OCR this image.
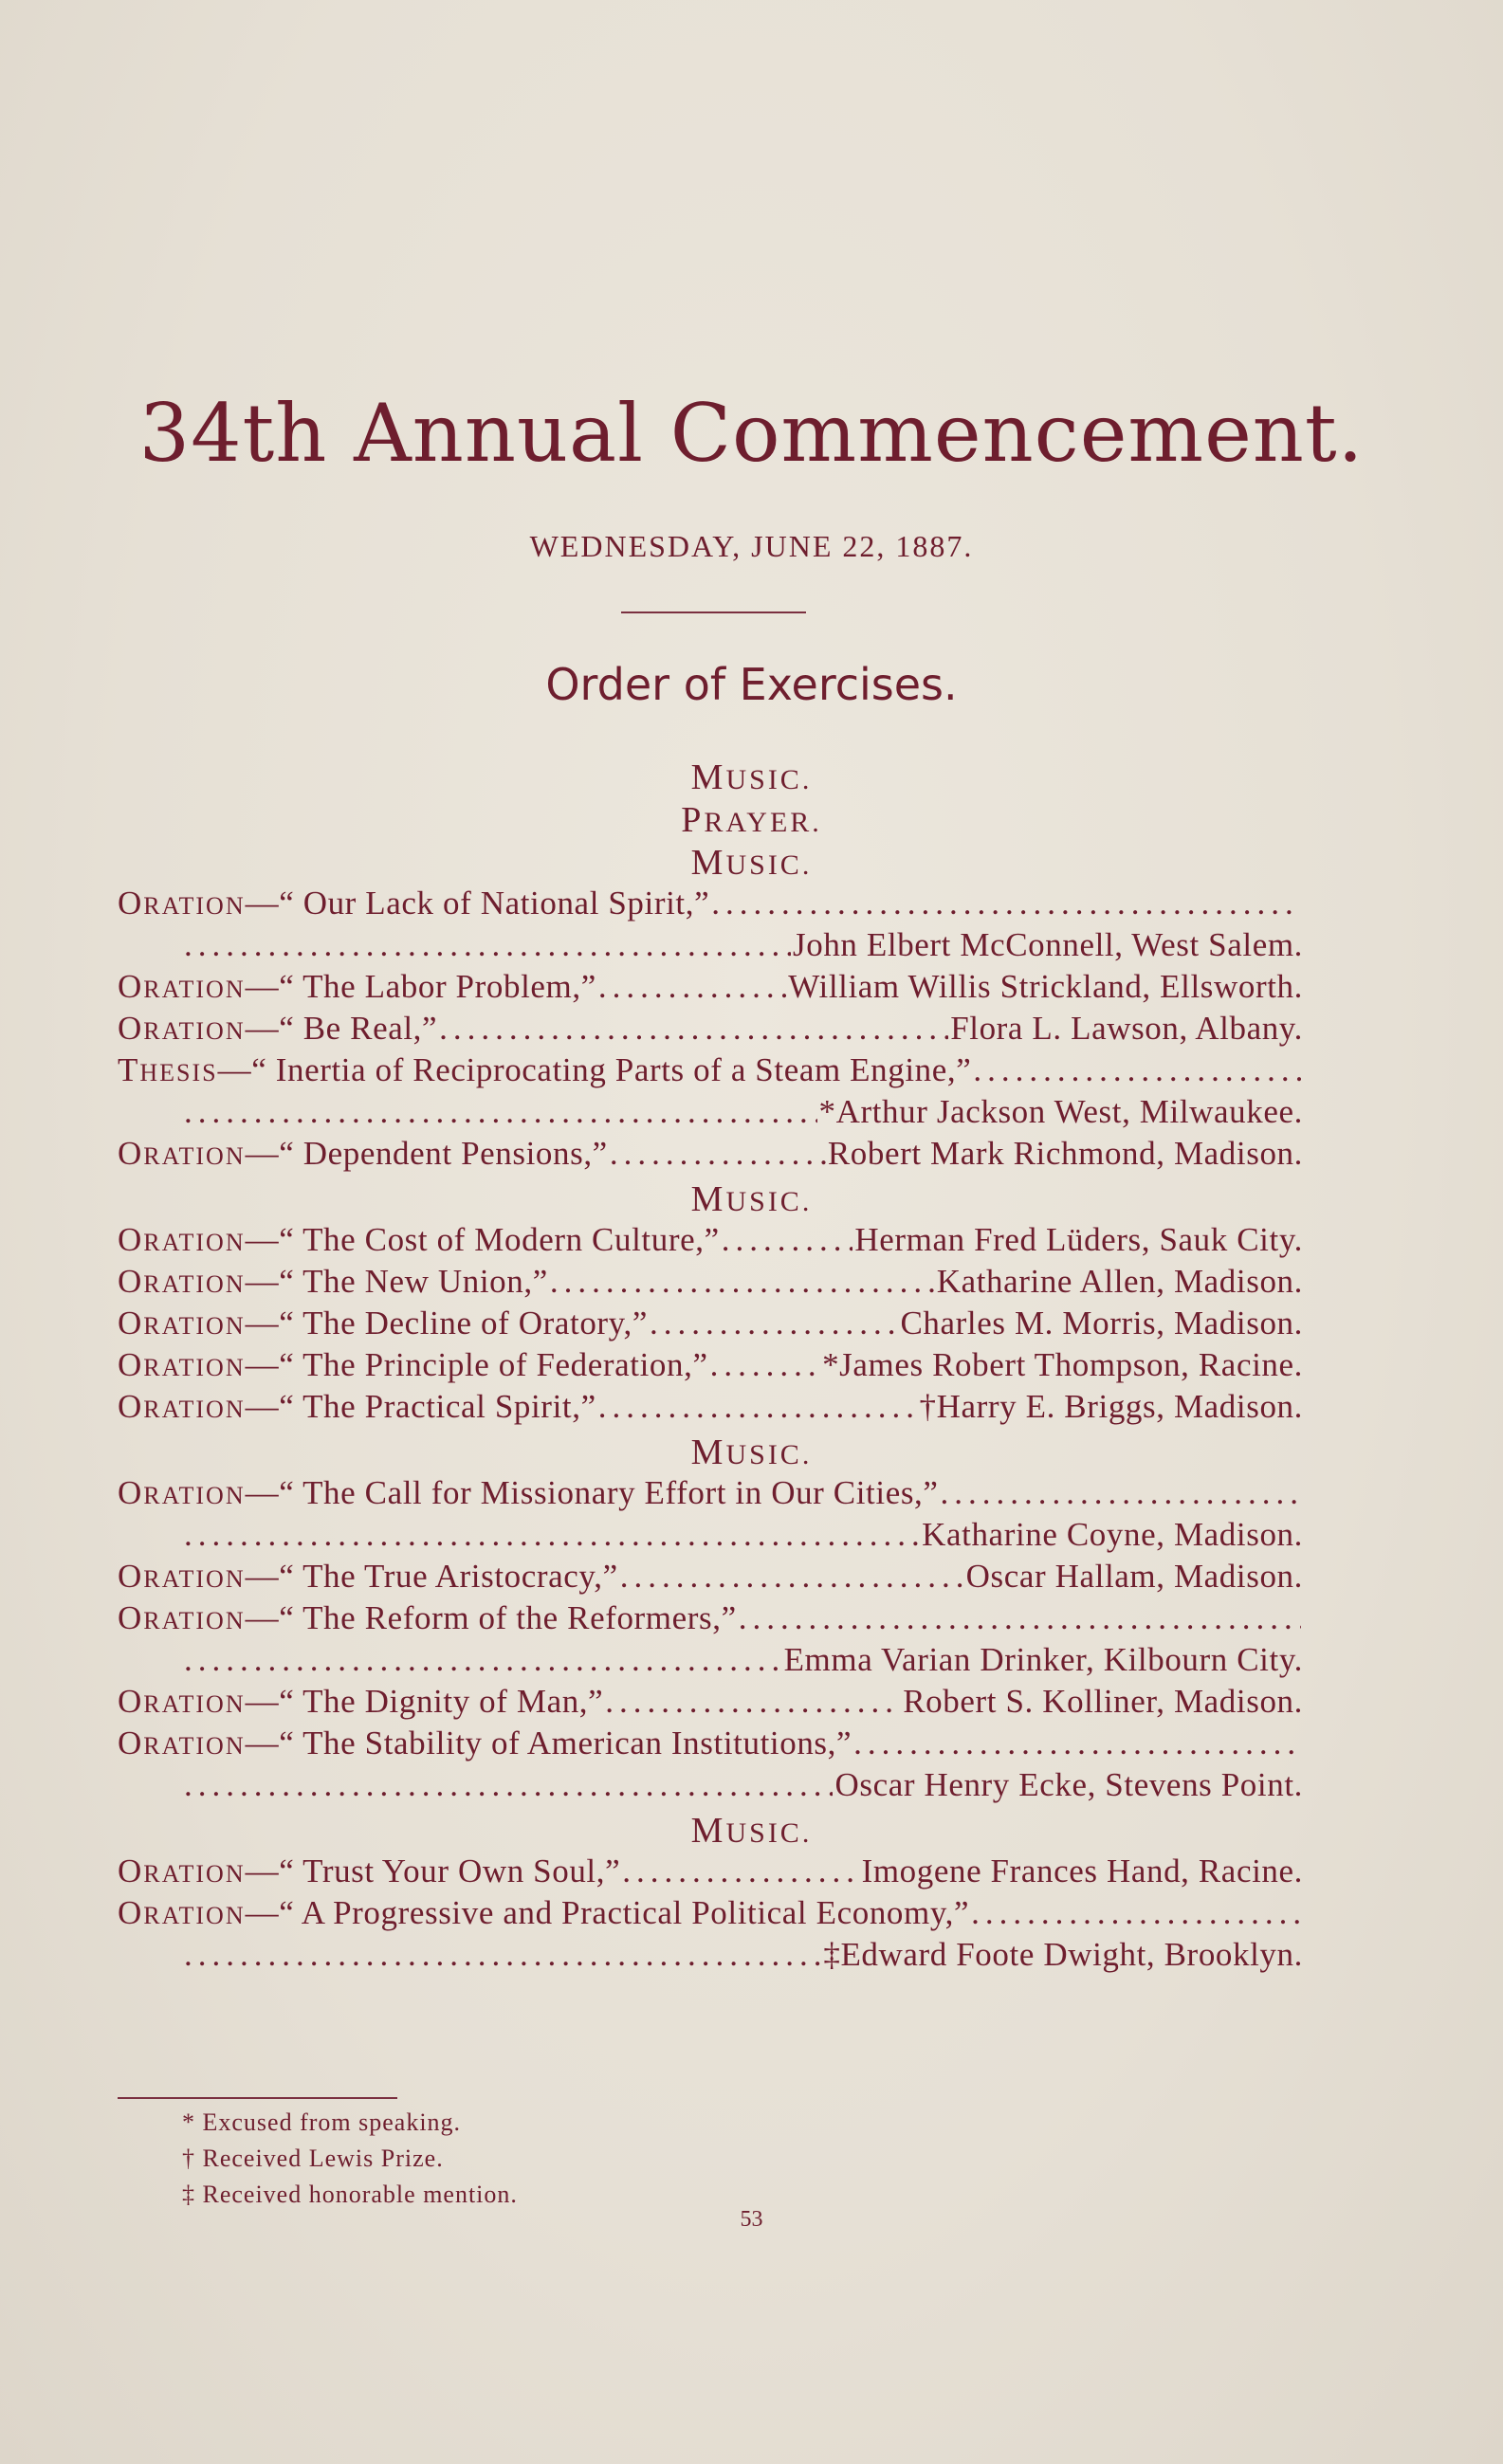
34th Annual Commencement.
WEDNESDAY, JUNE 22, 1887.
Order of Exercises.
MUSIC.
PRAYER.
MUSIC.
ORATION —“ Our Lack of National Spirit,”
.....
.....
John Elbert McConnell, West Salem.
ORATION —“ The Labor Problem,” .....	William Willis Strickland, Ellsworth.
ORATION —“ Be Real,” .....	Flora L. Lawson, Albany.
THESIS —“ Inertia of Reciprocating Parts of a Steam Engine,”
.....
.....
*Arthur Jackson West, Milwaukee.
ORATION —“ Dependent Pensions,” .....	Robert Mark Richmond, Madison.
MUSIC.
ORATION —“ The Cost of Modern Culture,” .....	Herman Fred Lüders, Sauk City.
ORATION —“ The New Union,” .....	Katharine Allen, Madison.
ORATION —“ The Decline of Oratory,” .....	Charles M. Morris, Madison.
ORATION —“ The Principle of Federation,” .....	*James Robert Thompson, Racine.
ORATION —“ The Practical Spirit,” .....	†Harry E. Briggs, Madison.
MUSIC.
ORATION —“ The Call for Missionary Effort in Our Cities,”
.....
.....
Katharine Coyne, Madison.
ORATION —“ The True Aristocracy,” .....	Oscar Hallam, Madison.
ORATION —“ The Reform of the Reformers,”
.....
.....
Emma Varian Drinker, Kilbourn City.
ORATION —“ The Dignity of Man,” .....	Robert S. Kolliner, Madison.
ORATION —“ The Stability of American Institutions,”
.....
.....
Oscar Henry Ecke, Stevens Point.
MUSIC.
ORATION —“ Trust Your Own Soul,” .....	Imogene Frances Hand, Racine.
ORATION —“ A Progressive and Practical Political Economy,”
.....
.....
‡Edward Foote Dwight, Brooklyn.
* Excused from speaking.
† Received Lewis Prize.
‡ Received honorable mention.
53
